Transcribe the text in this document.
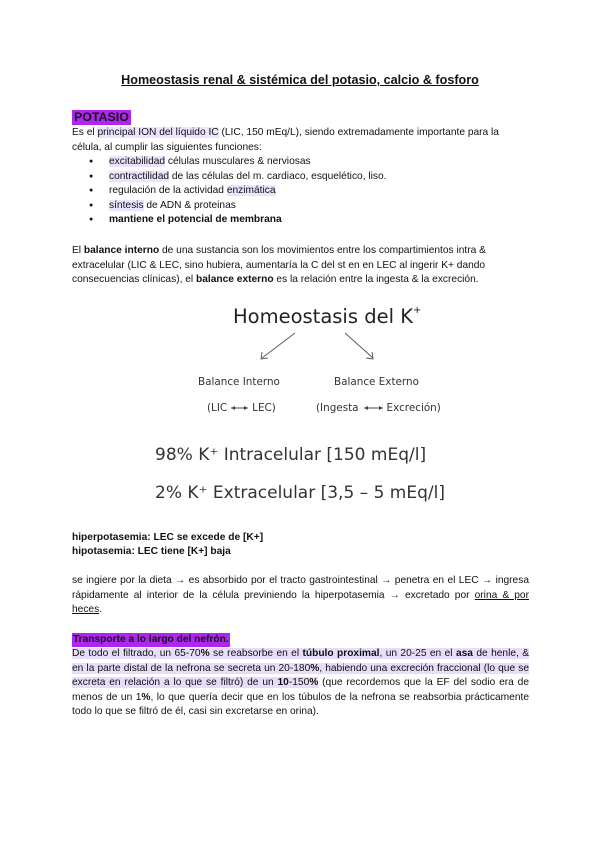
Homeostasis renal & sistémica del potasio, calcio & fosforo
POTASIO

Es el principal ION del líquido IC (LIC, 150 mEq/L), siendo extremadamente importante para la célula, al cumplir las siguientes funciones:

● excitabilidad células musculares & nerviosas
● contractilidad de las células del m. cardiaco, esquelético, liso.
● regulación de la actividad enzimática
● síntesis de ADN & proteinas
● mantiene el potencial de membrana

El balance interno de una sustancia son los movimientos entre los compartimientos intra & extracelular (LIC & LEC, sino hubiera, aumentaría la C del st en en LEC al ingerir K+ dando consecuencias clínicas), el balance externo es la relación entre la ingesta & la excreción.

Homeostasis del K+
Balance Interno	Balance Externo
(LIC LEC)	(Ingesta	Excreción)
98% K⁺ Intracelular [150 mEq/l]
2% K⁺ Extracelular [3,5 – 5 mEq/l]
hiperpotasemia: LEC se excede de [K+]
hipotasemia: LEC tiene [K+] baja

se ingiere por la dieta → es absorbido por el tracto gastrointestinal → penetra en el LEC → ingresa rápidamente al interior de la célula previniendo la hiperpotasemia → excretado por orina & por heces.

Transporte a lo largo del nefrón.

De todo el filtrado, un 65-70% se reabsorbe en el túbulo proximal, un 20-25 en el asa de henle, & en la parte distal de la nefrona se secreta un 20-180%, habiendo una excreción fraccional (lo que se excreta en relación a lo que se filtró) de un 10-150% (que recordemos que la EF del sodio era de menos de un 1%, lo que quería decir que en los túbulos de la nefrona se reabsorbia prácticamente todo lo que se filtró de él, casi sin excretarse en orina).
